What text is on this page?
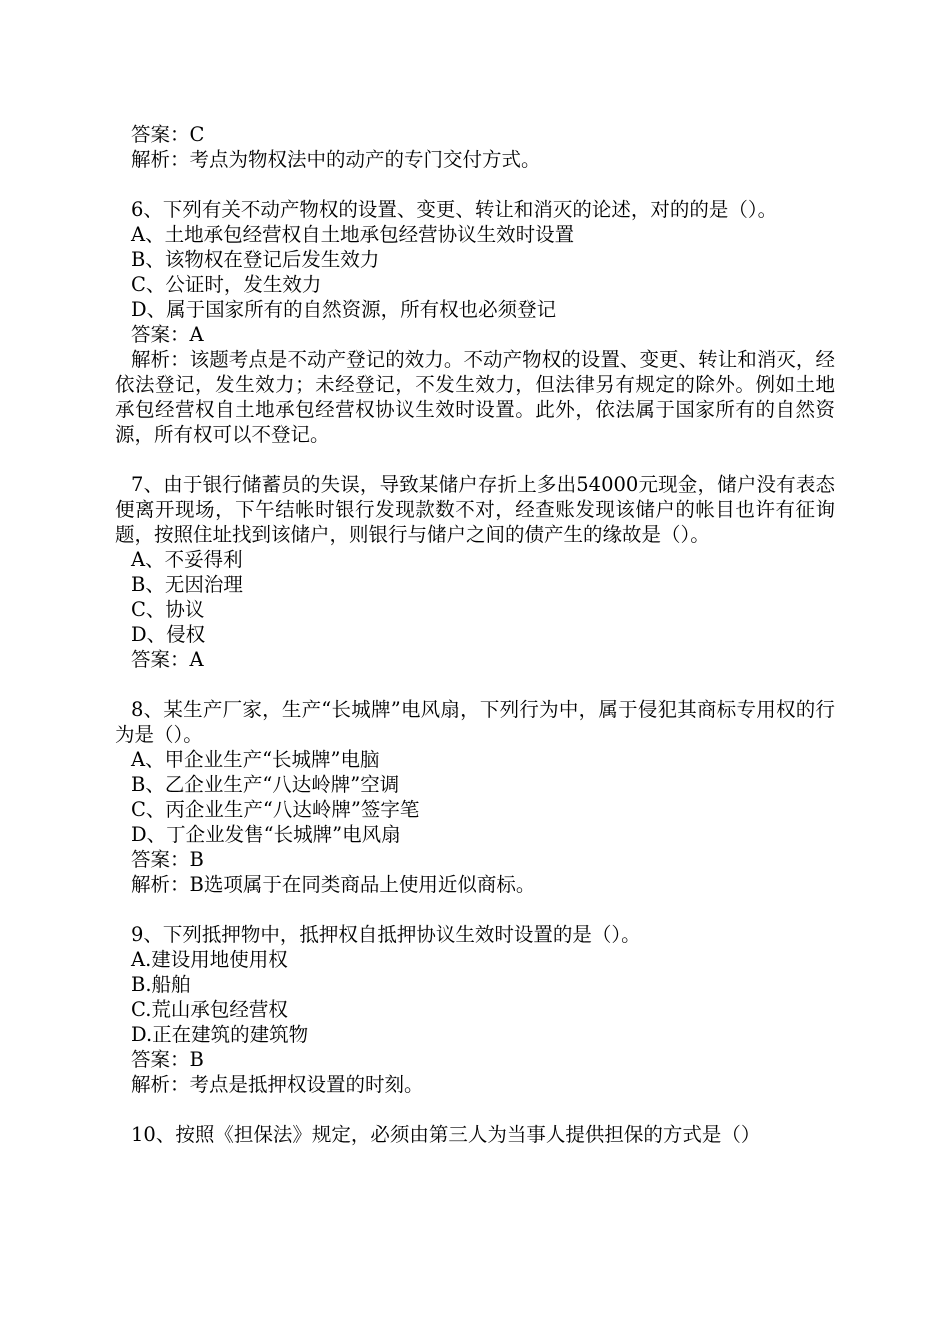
答案：C
解析：考点为物权法中的动产的专门交付方式。
6、下列有关不动产物权的设置、变更、转让和消灭的论述，对的的是（）。
A、土地承包经营权自土地承包经营协议生效时设置
B、该物权在登记后发生效力
C、公证时，发生效力
D、属于国家所有的自然资源，所有权也必须登记
答案：A
解析：该题考点是不动产登记的效力。不动产物权的设置、变更、转让和消灭，经依法登记，发生效力；未经登记，不发生效力，但法律另有规定的除外。例如土地承包经营权自土地承包经营权协议生效时设置。此外，依法属于国家所有的自然资源，所有权可以不登记。
7、由于银行储蓄员的失误，导致某储户存折上多出54000元现金，储户没有表态便离开现场，下午结帐时银行发现款数不对，经查账发现该储户的帐目也许有征询题，按照住址找到该储户，则银行与储户之间的债产生的缘故是（）。
A、不妥得利
B、无因治理
C、协议
D、侵权
答案：A
8、某生产厂家，生产“长城牌”电风扇，下列行为中，属于侵犯其商标专用权的行为是（）。
A、甲企业生产“长城牌”电脑
B、乙企业生产“八达岭牌”空调
C、丙企业生产“八达岭牌”签字笔
D、丁企业发售“长城牌”电风扇
答案：B
解析：B选项属于在同类商品上使用近似商标。
9、下列抵押物中，抵押权自抵押协议生效时设置的是（）。
A.建设用地使用权
B.船舶
C.荒山承包经营权
D.正在建筑的建筑物
答案：B
解析：考点是抵押权设置的时刻。
10、按照《担保法》规定，必须由第三人为当事人提供担保的方式是（）
